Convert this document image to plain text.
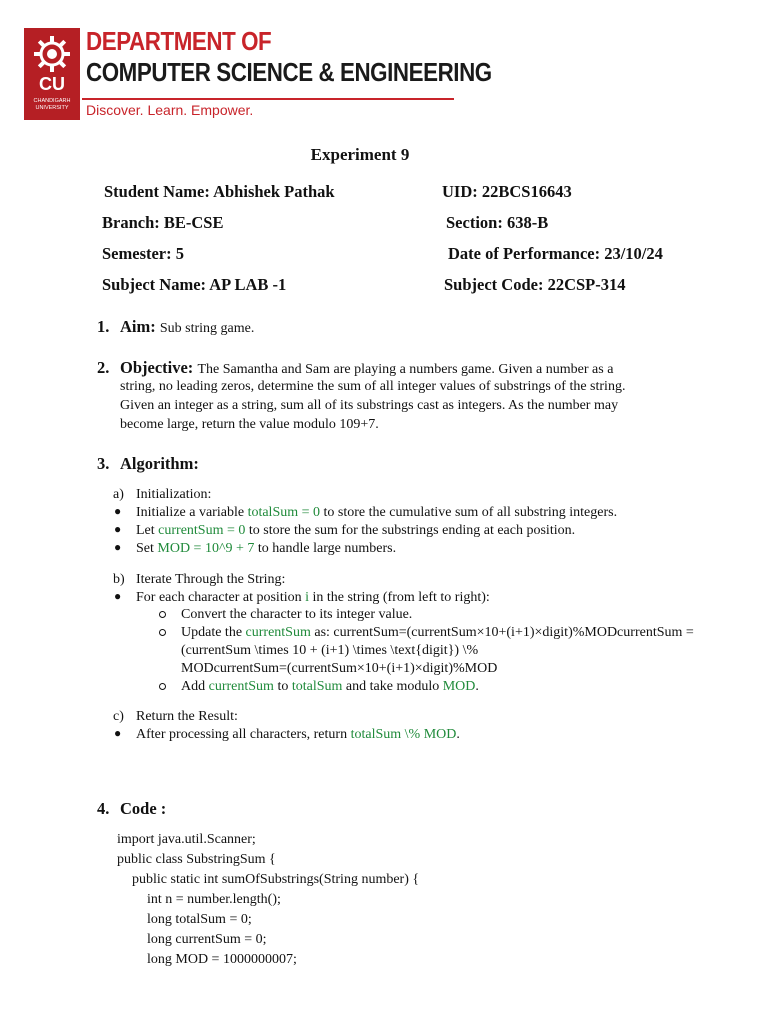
CU
CHANDIGARH UNIVERSITY
DEPARTMENT OF
COMPUTER SCIENCE & ENGINEERING
Discover. Learn. Empower.
Experiment 9
Student Name: Abhishek Pathak	UID: 22BCS16643
Branch: BE-CSE	Section: 638-B
Semester: 5	Date of Performance: 23/10/24
Subject Name: AP LAB -1	Subject Code: 22CSP-314
1. Aim: Sub string game.
2. Objective: The Samantha and Sam are playing a numbers game. Given a number as a
string, no leading zeros, determine the sum of all integer values of substrings of the string.
Given an integer as a string, sum all of its substrings cast as integers. As the number may
become large, return the value modulo 109+7.
3. Algorithm:
a) Initialization:
● Initialize a variable totalSum = 0 to store the cumulative sum of all substring integers.
● Let currentSum = 0 to store the sum for the substrings ending at each position.
● Set MOD = 10^9 + 7 to handle large numbers.
b) Iterate Through the String:
● For each character at position i in the string (from left to right):
Convert the character to its integer value.
Update the currentSum as: currentSum=(currentSum×10+(i+1)×digit)%MODcurrentSum =
(currentSum \times 10 + (i+1) \times \text{digit}) \%
MODcurrentSum=(currentSum×10+(i+1)×digit)%MOD
Add currentSum to totalSum and take modulo MOD.
c) Return the Result:
● After processing all characters, return totalSum \% MOD.
4. Code :
import java.util.Scanner;
public class SubstringSum {
public static int sumOfSubstrings(String number) {
int n = number.length();
long totalSum = 0;
long currentSum = 0;
long MOD = 1000000007;
